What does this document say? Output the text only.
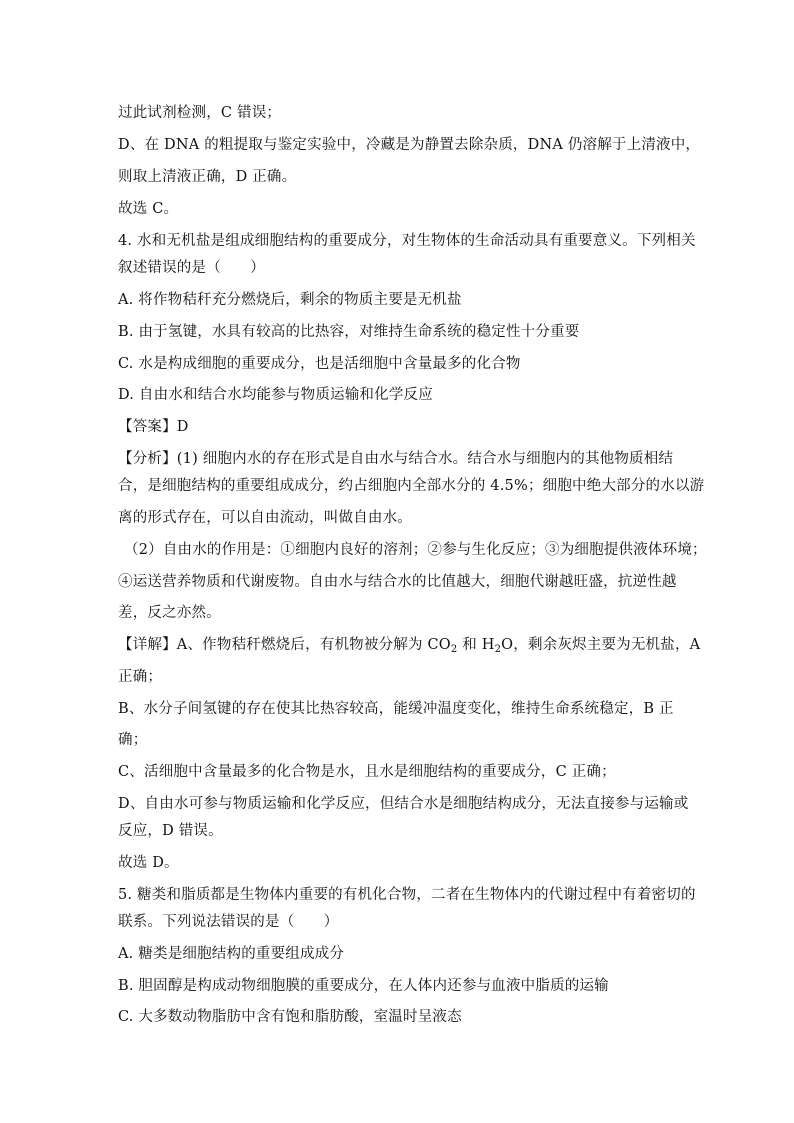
过此试剂检测，C 错误；
D、在 DNA 的粗提取与鉴定实验中，冷藏是为静置去除杂质，DNA 仍溶解于上清液中，
则取上清液正确，D 正确。
故选 C。
4. 水和无机盐是组成细胞结构的重要成分，对生物体的生命活动具有重要意义。下列相关
叙述错误的是（　　）
A. 将作物秸秆充分燃烧后，剩余的物质主要是无机盐
B. 由于氢键，水具有较高的比热容，对维持生命系统的稳定性十分重要
C. 水是构成细胞的重要成分，也是活细胞中含量最多的化合物
D. 自由水和结合水均能参与物质运输和化学反应
【答案】D
【分析】(1) 细胞内水的存在形式是自由水与结合水。结合水与细胞内的其他物质相结
合，是细胞结构的重要组成成分，约占细胞内全部水分的 4.5%；细胞中绝大部分的水以游
离的形式存在，可以自由流动，叫做自由水。
（2）自由水的作用是：①细胞内良好的溶剂；②参与生化反应；③为细胞提供液体环境；
④运送营养物质和代谢废物。自由水与结合水的比值越大，细胞代谢越旺盛，抗逆性越
差，反之亦然。
【详解】A、作物秸秆燃烧后，有机物被分解为 $CO_2$ 和 $H_2O$，剩余灰烬主要为无机盐，A
正确；
B、水分子间氢键的存在使其比热容较高，能缓冲温度变化，维持生命系统稳定，B 正
确；
C、活细胞中含量最多的化合物是水，且水是细胞结构的重要成分，C 正确；
D、自由水可参与物质运输和化学反应，但结合水是细胞结构成分，无法直接参与运输或
反应，D 错误。
故选 D。
5. 糖类和脂质都是生物体内重要的有机化合物，二者在生物体内的代谢过程中有着密切的
联系。下列说法错误的是（　　）
A. 糖类是细胞结构的重要组成成分
B. 胆固醇是构成动物细胞膜的重要成分，在人体内还参与血液中脂质的运输
C. 大多数动物脂肪中含有饱和脂肪酸，室温时呈液态
